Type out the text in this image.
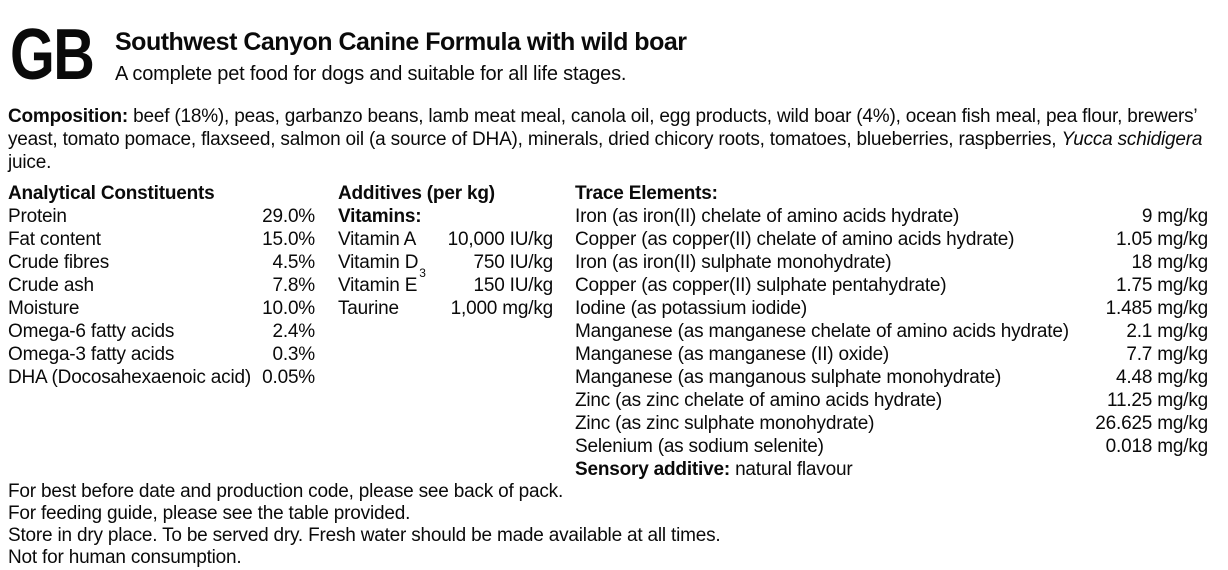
GB Southwest Canyon Canine Formula with wild boar
A complete pet food for dogs and suitable for all life stages.

Composition: beef (18%), peas, garbanzo beans, lamb meat meal, canola oil, egg products, wild boar (4%), ocean fish meal, pea flour, brewers’ yeast, tomato pomace, flaxseed, salmon oil (a source of DHA), minerals, dried chicory roots, tomatoes, blueberries, raspberries, Yucca schidigera juice.

Analytical Constituents
Protein	29.0%
Fat content	15.0%
Crude fibres	4.5%
Crude ash	7.8%
Moisture	10.0%
Omega-6 fatty acids	2.4%
Omega-3 fatty acids	0.3%
DHA (Docosahexaenoic acid) 0.05%
Additives (per kg)
Vitamins:
Vitamin A 10,000 IU/kg
Vitamin $D_3$	750 IU/kg
Vitamin E	150 IU/kg
Taurine	1,000 mg/kg
Trace Elements:
Iron (as iron(II) chelate of amino acids hydrate)	9 mg/kg
Copper (as copper(II) chelate of amino acids hydrate)	1.05 mg/kg
Iron (as iron(II) sulphate monohydrate)	18 mg/kg
Copper (as copper(II) sulphate pentahydrate)	1.75 mg/kg
Iodine (as potassium iodide)	1.485 mg/kg
Manganese (as manganese chelate of amino acids hydrate)	2.1 mg/kg
Manganese (as manganese (II) oxide)	7.7 mg/kg
Manganese (as manganous sulphate monohydrate)	4.48 mg/kg
Zinc (as zinc chelate of amino acids hydrate)	11.25 mg/kg
Zinc (as zinc sulphate monohydrate)	26.625 mg/kg
Selenium (as sodium selenite)	0.018 mg/kg
Sensory additive: natural flavour
For best before date and production code, please see back of pack.
For feeding guide, please see the table provided.
Store in dry place. To be served dry. Fresh water should be made available at all times.
Not for human consumption.
